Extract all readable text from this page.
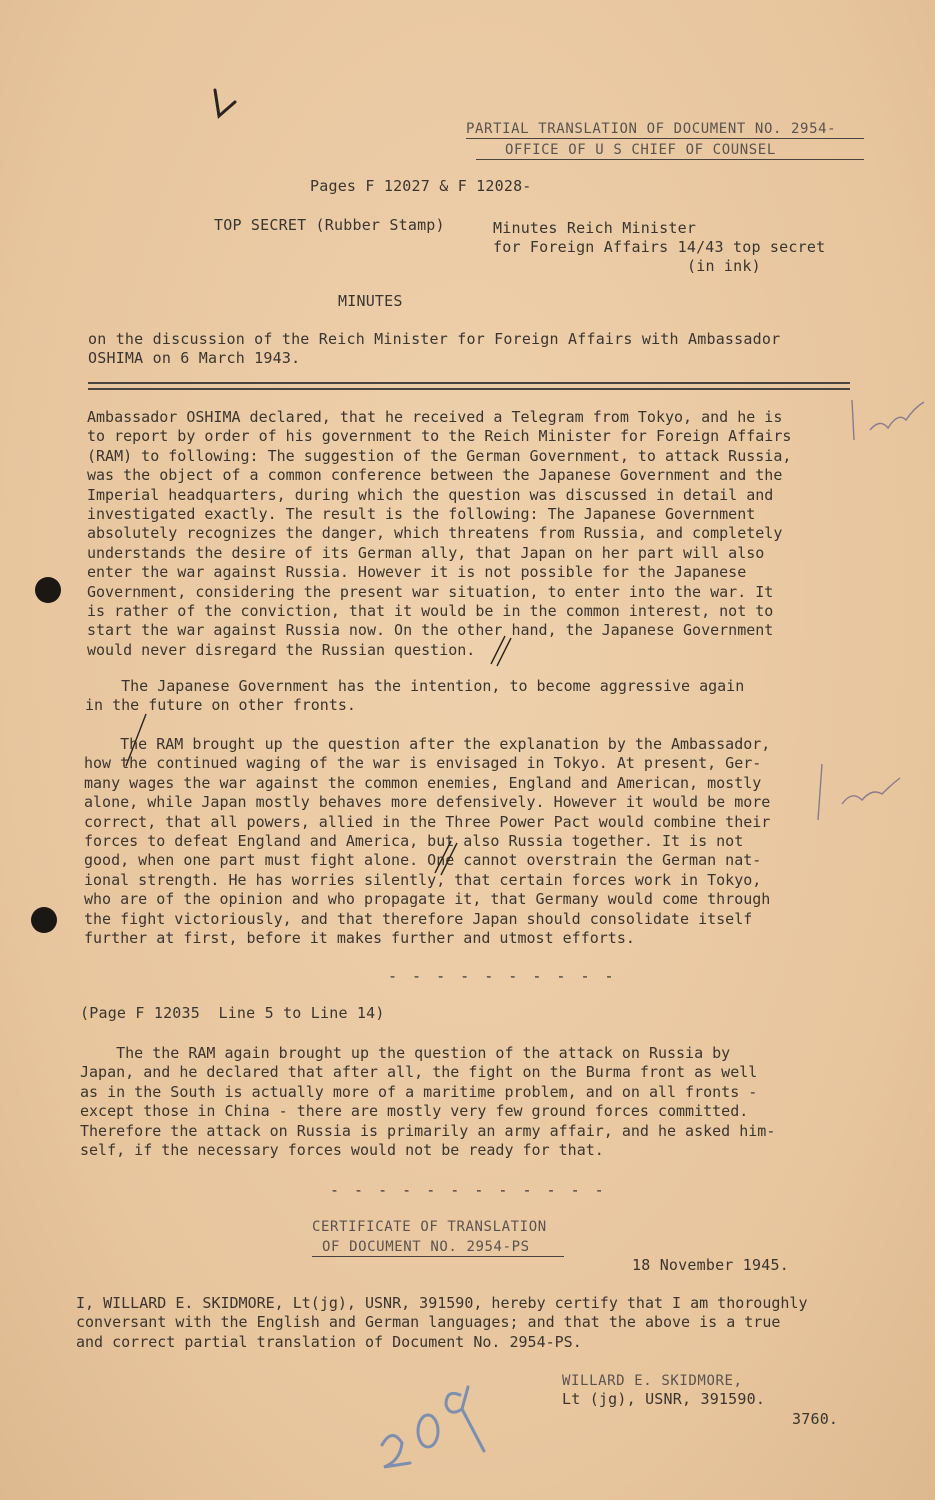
PARTIAL TRANSLATION OF DOCUMENT NO. 2954-
OFFICE OF U S CHIEF OF COUNSEL
Pages F 12027 & F 12028-
TOP SECRET (Rubber Stamp)	Minutes Reich Minister
for Foreign Affairs 14/43 top secret
(in ink)
MINUTES
on the discussion of the Reich Minister for Foreign Affairs with Ambassador
OSHIMA on 6 March 1943.
Ambassador OSHIMA declared, that he received a Telegram from Tokyo, and he is
to report by order of his government to the Reich Minister for Foreign Affairs
(RAM) to following: The suggestion of the German Government, to attack Russia,
was the object of a common conference between the Japanese Government and the
Imperial headquarters, during which the question was discussed in detail and
investigated exactly. The result is the following: The Japanese Government
absolutely recognizes the danger, which threatens from Russia, and completely
understands the desire of its German ally, that Japan on her part will also
enter the war against Russia. However it is not possible for the Japanese
Government, considering the present war situation, to enter into the war. It
is rather of the conviction, that it would be in the common interest, not to
start the war against Russia now. On the other hand, the Japanese Government
would never disregard the Russian question.
The Japanese Government has the intention, to become aggressive again
in the future on other fronts.
The RAM brought up the question after the explanation by the Ambassador,
how the continued waging of the war is envisaged in Tokyo. At present, Ger-
many wages the war against the common enemies, England and American, mostly
alone, while Japan mostly behaves more defensively. However it would be more
correct, that all powers, allied in the Three Power Pact would combine their
forces to defeat England and America, but also Russia together. It is not
good, when one part must fight alone. One cannot overstrain the German nat-
ional strength. He has worries silently, that certain forces work in Tokyo,
who are of the opinion and who propagate it, that Germany would come through
the fight victoriously, and that therefore Japan should consolidate itself
further at first, before it makes further and utmost efforts.
- - - - - - - - - -
(Page F 12035  Line 5 to Line 14)
The the RAM again brought up the question of the attack on Russia by
Japan, and he declared that after all, the fight on the Burma front as well
as in the South is actually more of a maritime problem, and on all fronts -
except those in China - there are mostly very few ground forces committed.
Therefore the attack on Russia is primarily an army affair, and he asked him-
self, if the necessary forces would not be ready for that.
- - - - - - - - - - - -
CERTIFICATE OF TRANSLATION
OF DOCUMENT NO. 2954-PS
18 November 1945.
I, WILLARD E. SKIDMORE, Lt(jg), USNR, 391590, hereby certify that I am thoroughly
conversant with the English and German languages; and that the above is a true
and correct partial translation of Document No. 2954-PS.
WILLARD E. SKIDMORE,
Lt (jg), USNR, 391590.
3760.
